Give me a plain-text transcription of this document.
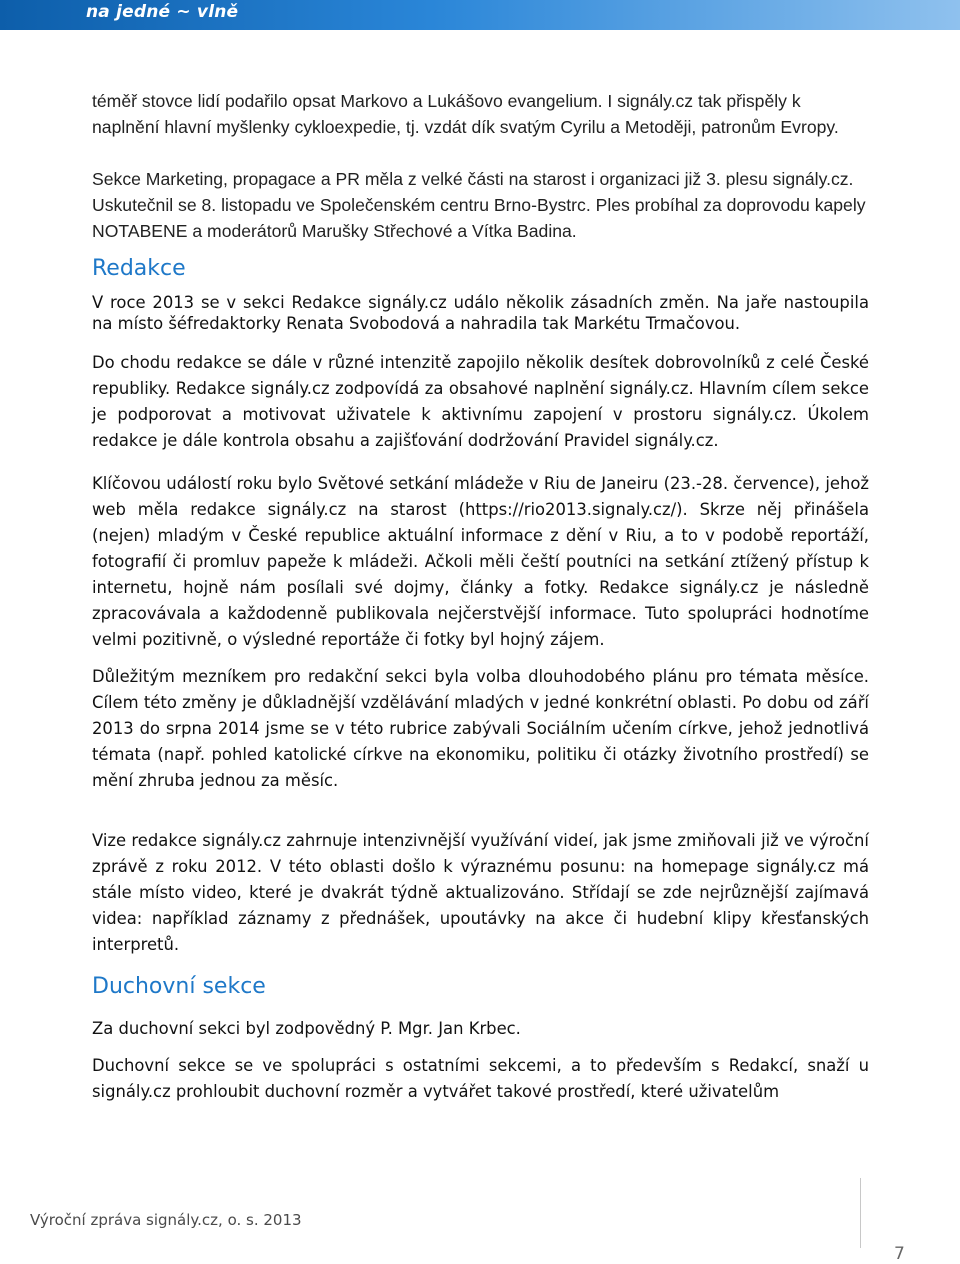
na jedné ~ vlně

téměř stovce lidí podařilo opsat Markovo a Lukášovo evangelium. I signály.cz tak přispěly k naplnění hlavní myšlenky cykloexpedie, tj. vzdát dík svatým Cyrilu a Metoději, patronům Evropy.

Sekce Marketing, propagace a PR měla z velké části na starost i organizaci již 3. plesu signály.cz. Uskutečnil se 8. listopadu ve Společenském centru Brno-Bystrc. Ples probíhal za doprovodu kapely NOTABENE a moderátorů Marušky Střechové a Vítka Badina.

Redakce

V roce 2013 se v sekci Redakce signály.cz událo několik zásadních změn. Na jaře nastoupila na místo šéfredaktorky Renata Svobodová a nahradila tak Markétu Trmačovou.

Do chodu redakce se dále v různé intenzitě zapojilo několik desítek dobrovolníků z celé České republiky. Redakce signály.cz zodpovídá za obsahové naplnění signály.cz. Hlavním cílem sekce je podporovat a motivovat uživatele k aktivnímu zapojení v prostoru signály.cz. Úkolem redakce je dále kontrola obsahu a zajišťování dodržování Pravidel signály.cz.

Klíčovou událostí roku bylo Světové setkání mládeže v Riu de Janeiru (23.-28. července), jehož web měla redakce signály.cz na starost (https://rio2013.signaly.cz/). Skrze něj přinášela (nejen) mladým v České republice aktuální informace z dění v Riu, a to v podobě reportáží, fotografií či promluv papeže k mládeži. Ačkoli měli čeští poutníci na setkání ztížený přístup k internetu, hojně nám posílali své dojmy, články a fotky. Redakce signály.cz je následně zpracovávala a každodenně publikovala nejčerstvější informace. Tuto spolupráci hodnotíme velmi pozitivně, o výsledné reportáže či fotky byl hojný zájem.

Důležitým mezníkem pro redakční sekci byla volba dlouhodobého plánu pro témata měsíce. Cílem této změny je důkladnější vzdělávání mladých v jedné konkrétní oblasti. Po dobu od září 2013 do srpna 2014 jsme se v této rubrice zabývali Sociálním učením církve, jehož jednotlivá témata (např. pohled katolické církve na ekonomiku, politiku či otázky životního prostředí) se mění zhruba jednou za měsíc.

Vize redakce signály.cz zahrnuje intenzivnější využívání videí, jak jsme zmiňovali již ve výroční zprávě z roku 2012. V této oblasti došlo k výraznému posunu: na homepage signály.cz má stále místo video, které je dvakrát týdně aktualizováno. Střídají se zde nejrůznější zajímavá videa: například záznamy z přednášek, upoutávky na akce či hudební klipy křesťanských interpretů.

Duchovní sekce

Za duchovní sekci byl zodpovědný P. Mgr. Jan Krbec.

Duchovní sekce se ve spolupráci s ostatními sekcemi, a to především s Redakcí, snaží u signály.cz prohloubit duchovní rozměr a vytvářet takové prostředí, které uživatelům

Výroční zpráva signály.cz, o. s. 2013
7
